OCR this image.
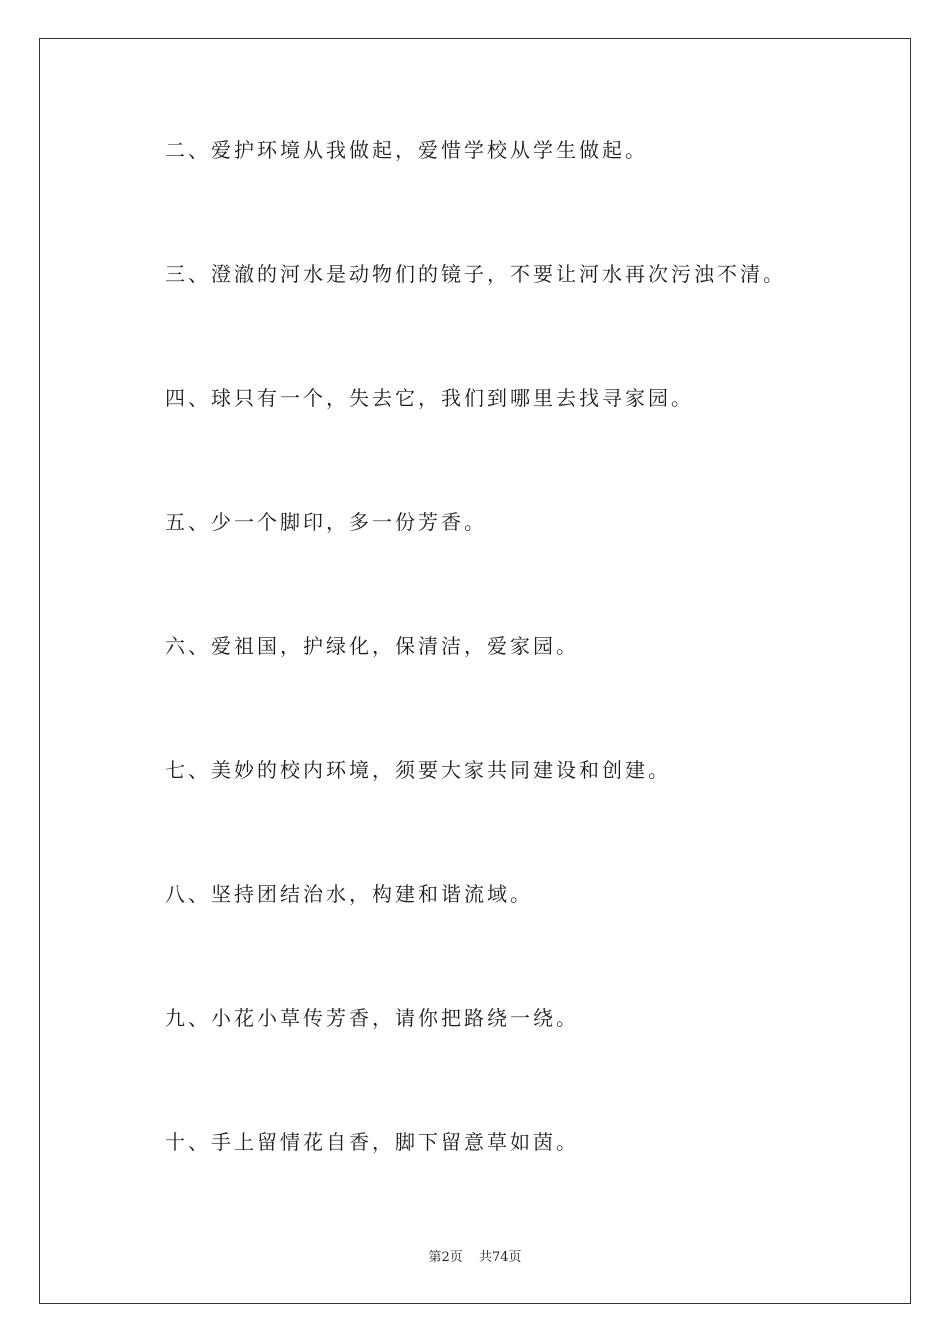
二、爱护环境从我做起，爱惜学校从学生做起。
三、澄澈的河水是动物们的镜子，不要让河水再次污浊不清。
四、球只有一个，失去它，我们到哪里去找寻家园。
五、少一个脚印，多一份芳香。
六、爱祖国，护绿化，保清洁，爱家园。
七、美妙的校内环境，须要大家共同建设和创建。
八、坚持团结治水，构建和谐流域。
九、小花小草传芳香，请你把路绕一绕。
十、手上留情花自香，脚下留意草如茵。
第2页 共74页
